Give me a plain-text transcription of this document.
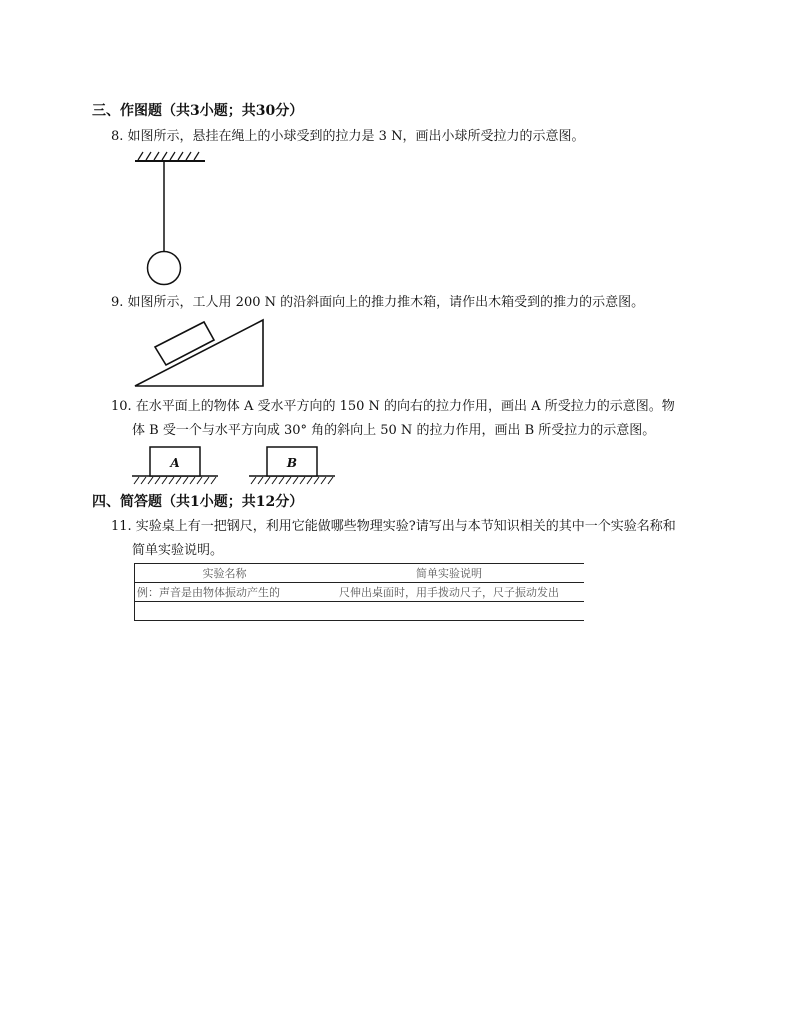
三、作图题（共3小题；共30分）
8. 如图所示，悬挂在绳上的小球受到的拉力是 3 N，画出小球所受拉力的示意图。
9. 如图所示，工人用 200 N 的沿斜面向上的推力推木箱，请作出木箱受到的推力的示意图。
10. 在水平面上的物体 A 受水平方向的 150 N 的向右的拉力作用，画出 A 所受拉力的示意图。物
体 B 受一个与水平方向成 30° 角的斜向上 50 N 的拉力作用，画出 B 所受拉力的示意图。
A	B
四、简答题（共1小题；共12分）
11. 实验桌上有一把钢尺，利用它能做哪些物理实验?请写出与本节知识相关的其中一个实验名称和
简单实验说明。
实验名称	简单实验说明
例：声音是由物体振动产生的	尺伸出桌面时，用手拨动尺子，尺子振动发出
